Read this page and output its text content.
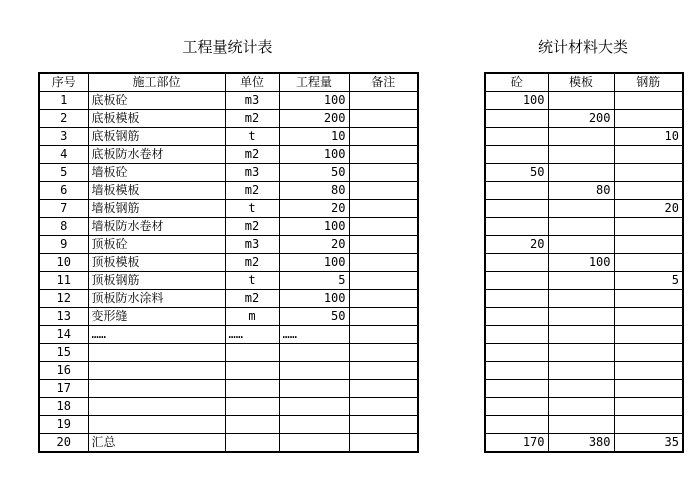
工程量统计表	统计材料大类
序号	施工部位	单位	工程量	备注
1	底板砼	m3	100	
2	底板模板	m2	200	
3	底板钢筋	t	10	
4	底板防水卷材	m2	100	
5	墙板砼	m3	50	
6	墙板模板	m2	80	
7	墙板钢筋	t	20	
8	墙板防水卷材	m2	100	
9	顶板砼	m3	20	
10	顶板模板	m2	100	
11	顶板钢筋	t	5	
12	顶板防水涂料	m2	100	
13	变形缝	m	50	
14	……	……	……	
15				
16				
17				
18				
19				
20	汇总			
砼	模板	钢筋
100		
	200	
		10

50		
	80	
		20

20		
	100	
		5

170	380	35
